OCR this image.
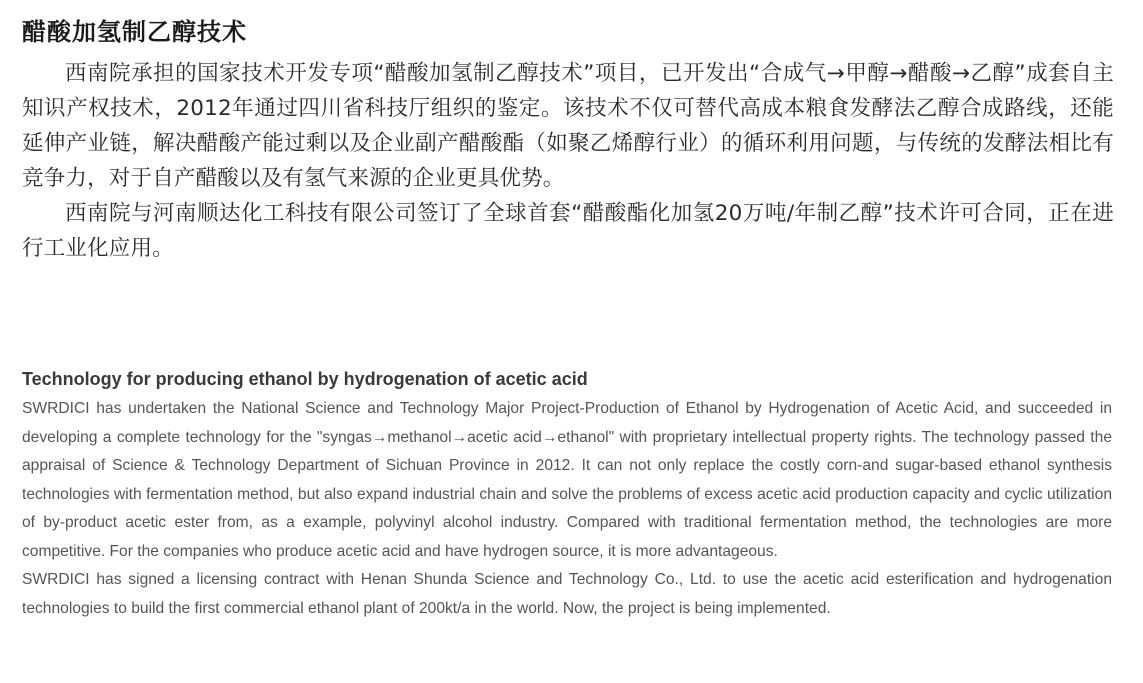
醋酸加氢制乙醇技术

西南院承担的国家技术开发专项“醋酸加氢制乙醇技术”项目，已开发出“合成气→甲醇→醋酸→乙醇”成套自主知识产权技术，2012年通过四川省科技厅组织的鉴定。该技术不仅可替代高成本粮食发酵法乙醇合成路线，还能延伸产业链，解决醋酸产能过剩以及企业副产醋酸酯（如聚乙烯醇行业）的循环利用问题，与传统的发酵法相比有竞争力，对于自产醋酸以及有氢气来源的企业更具优势。

西南院与河南顺达化工科技有限公司签订了全球首套“醋酸酯化加氢20万吨/年制乙醇”技术许可合同，正在进行工业化应用。

Technology for producing ethanol by hydrogenation of acetic acid

SWRDICI has undertaken the National Science and Technology Major Project-Production of Ethanol by Hydrogenation of Acetic Acid, and succeeded in developing a complete technology for the "syngas→methanol→acetic acid→ethanol" with proprietary intellectual property rights. The technology passed the appraisal of Science & Technology Department of Sichuan Province in 2012. It can not only replace the costly corn-and sugar-based ethanol synthesis technologies with fermentation method, but also expand industrial chain and solve the problems of excess acetic acid production capacity and cyclic utilization of by-product acetic ester from, as a example, polyvinyl alcohol industry. Compared with traditional fermentation method, the technologies are more competitive. For the companies who produce acetic acid and have hydrogen source, it is more advantageous.

SWRDICI has signed a licensing contract with Henan Shunda Science and Technology Co., Ltd. to use the acetic acid esterification and hydrogenation technologies to build the first commercial ethanol plant of 200kt/a in the world. Now, the project is being implemented.
